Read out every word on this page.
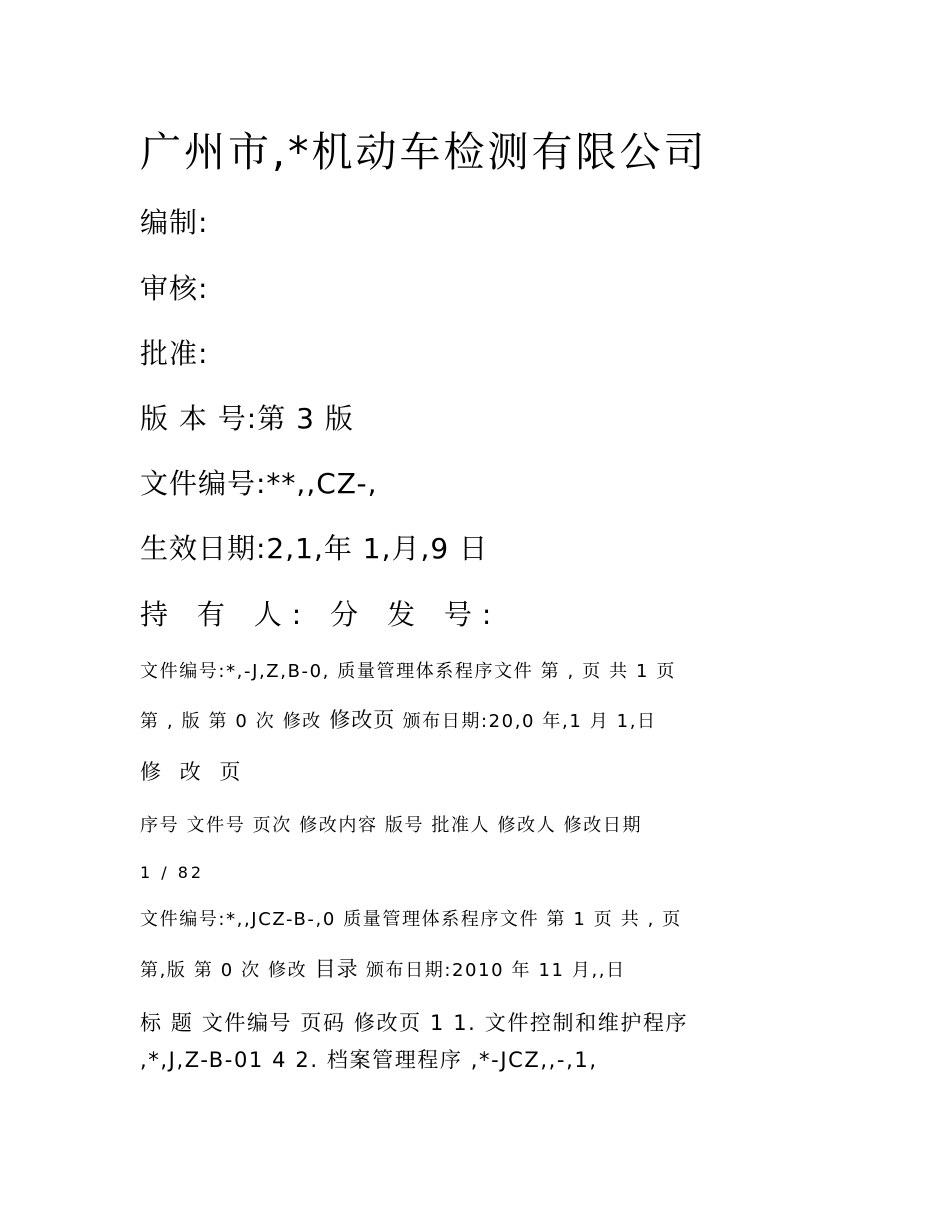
广州市,*机动车检测有限公司
编制:
审核:
批准:
版 本 号:第 3 版
文件编号:**,,CZ-,
生效日期:2,1,年 1,月,9 日
持 有 人: 分 发 号:
文件编号:*,-J,Z,B-0, 质量管理体系程序文件 第 , 页 共 1 页
第 , 版 第 0 次 修改 修改页 颁布日期:20,0 年,1 月 1,日
修 改 页
序号 文件号 页次 修改内容 版号 批准人 修改人 修改日期
1 / 82
文件编号:*,,JCZ-B-,0 质量管理体系程序文件 第 1 页 共 , 页
第,版 第 0 次 修改 目录 颁布日期:2010 年 11 月,,日
标 题 文件编号 页码 修改页 1 1. 文件控制和维护程序
,*,J,Z-B-01 4 2. 档案管理程序 ,*-JCZ,,-,1,
